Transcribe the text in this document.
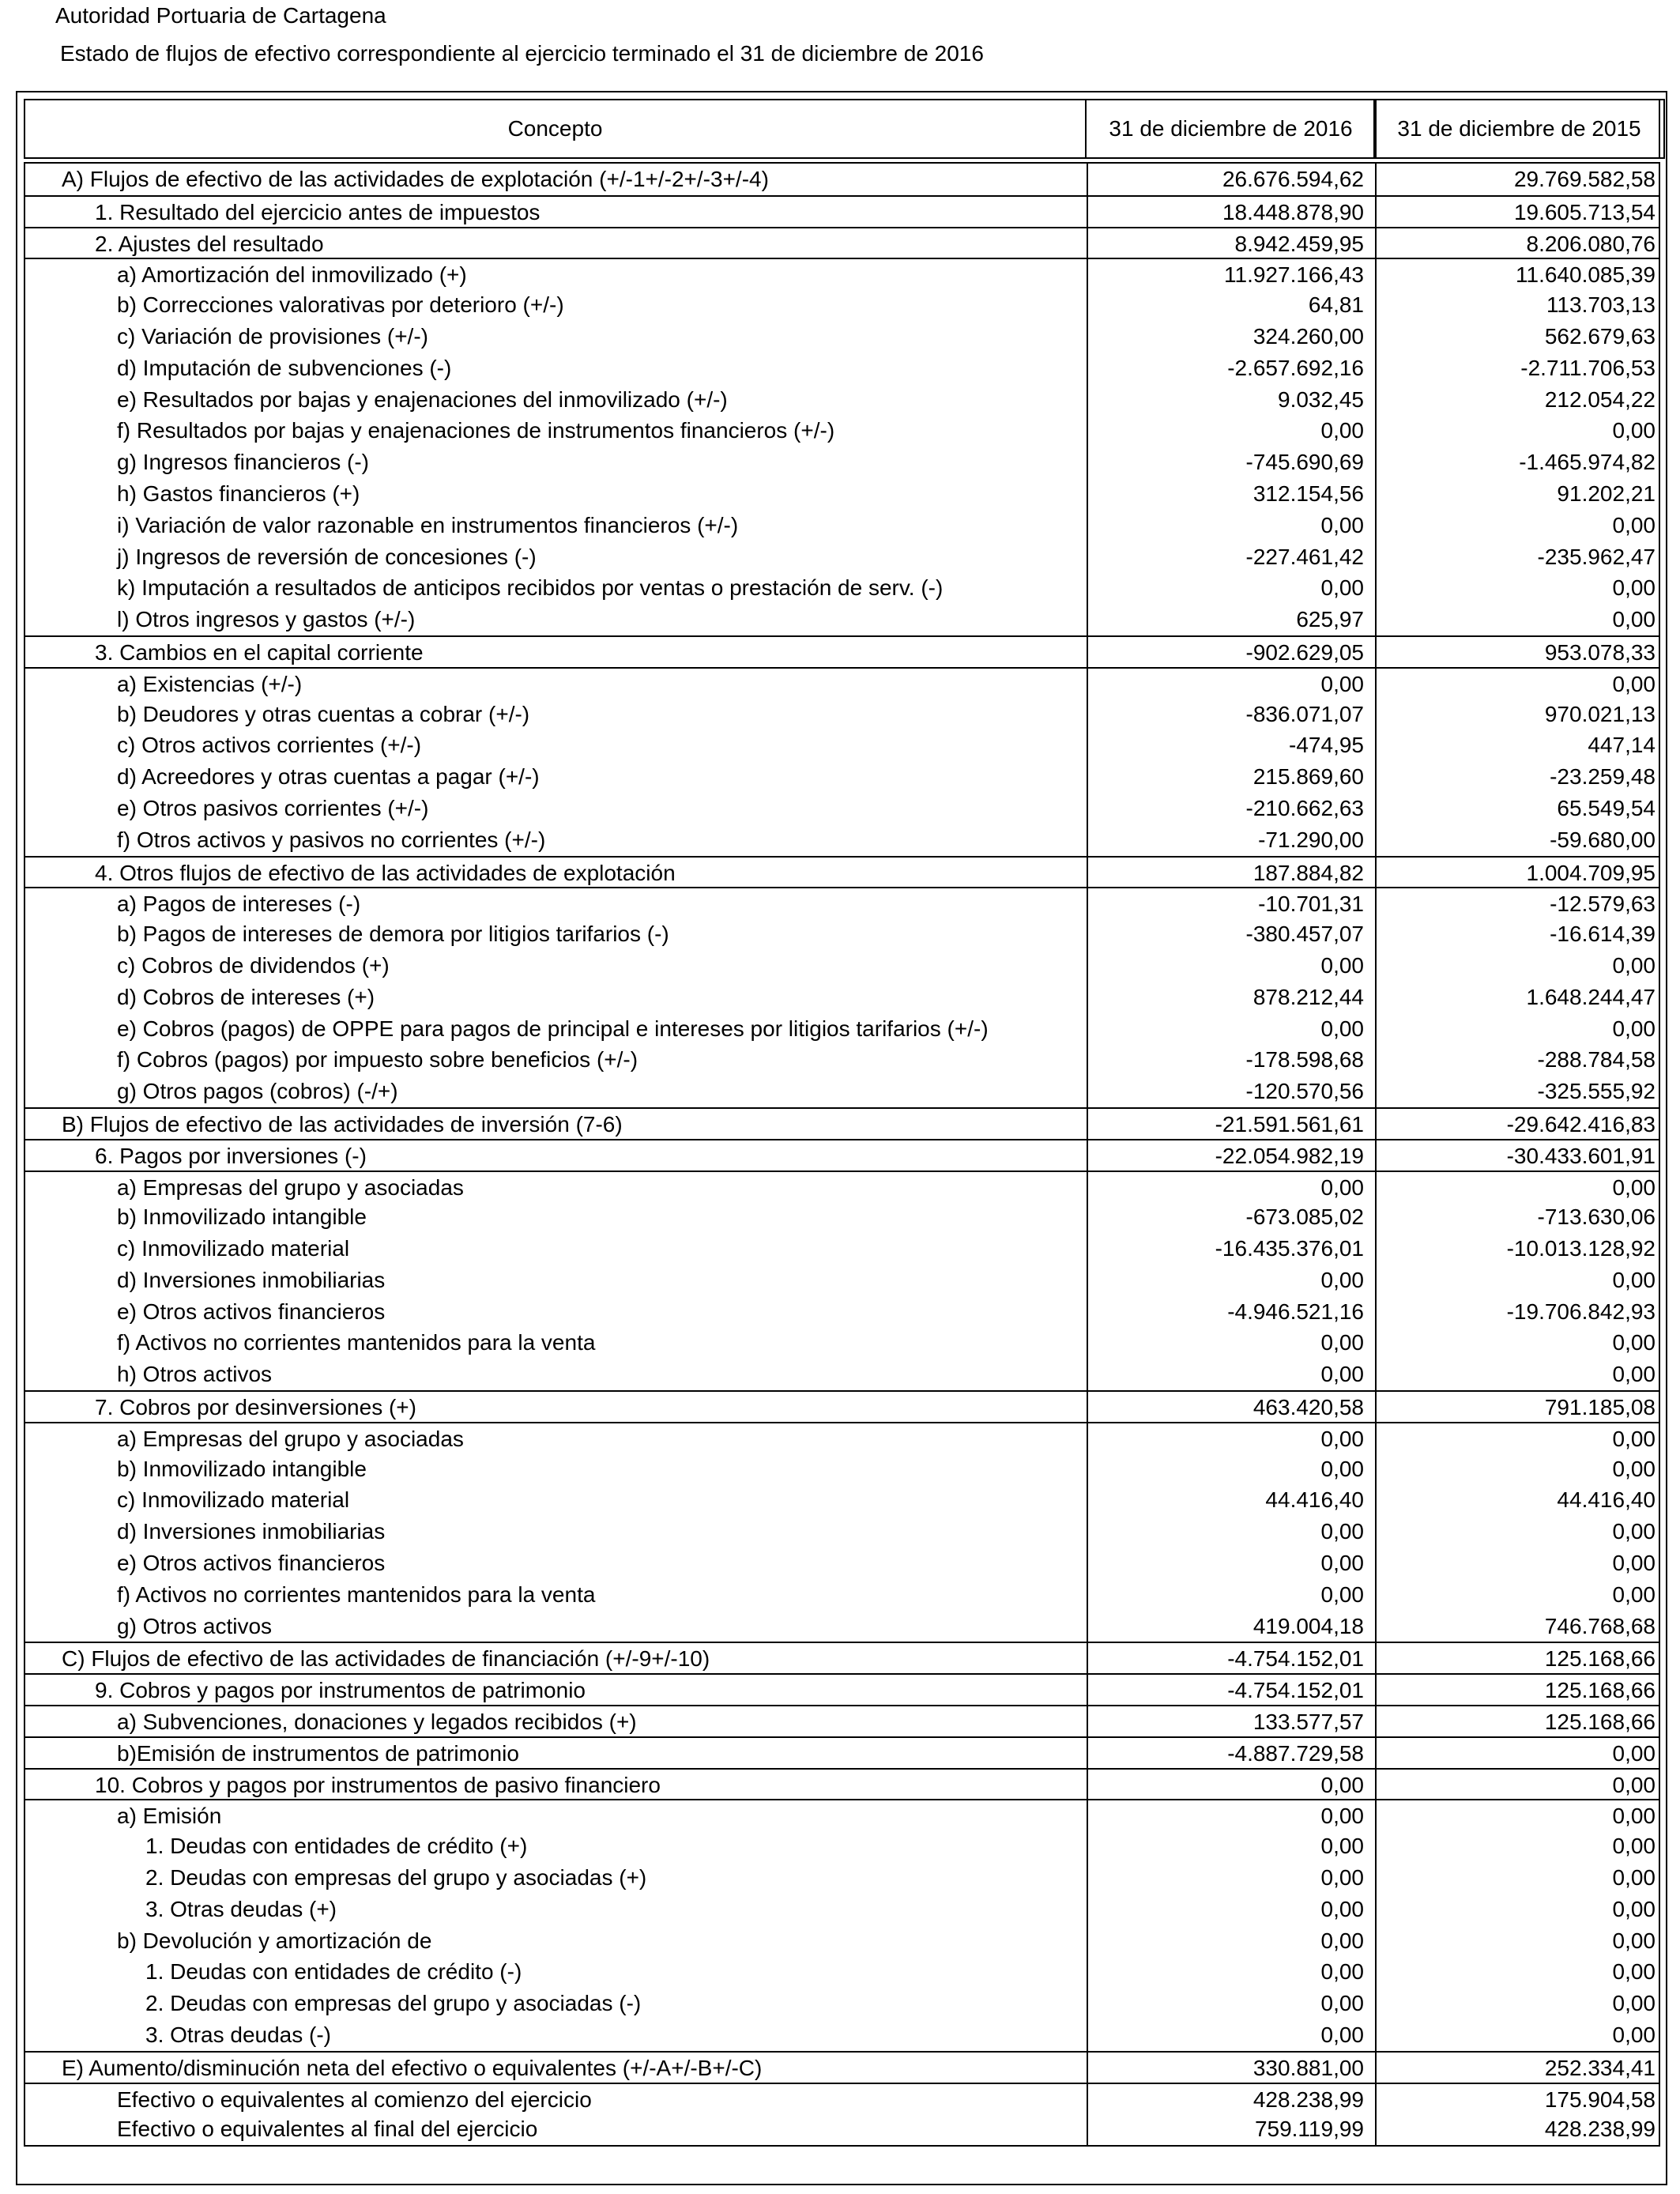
Autoridad Portuaria de Cartagena
Estado de flujos de efectivo correspondiente al ejercicio terminado el 31 de diciembre de 2016
Concepto	31 de diciembre de 2016	31 de diciembre de 2015
A) Flujos de efectivo de las actividades de explotación (+/-1+/-2+/-3+/-4)	26.676.594,62	29.769.582,58
1. Resultado del ejercicio antes de impuestos	18.448.878,90	19.605.713,54
2. Ajustes del resultado	8.942.459,95	8.206.080,76
a) Amortización del inmovilizado (+)	11.927.166,43	11.640.085,39
b) Correcciones valorativas por deterioro (+/-)	64,81	113.703,13
c) Variación de provisiones (+/-)	324.260,00	562.679,63
d) Imputación de subvenciones (-)	-2.657.692,16	-2.711.706,53
e) Resultados por bajas y enajenaciones del inmovilizado (+/-)	9.032,45	212.054,22
f) Resultados por bajas y enajenaciones de instrumentos financieros (+/-)	0,00	0,00
g) Ingresos financieros (-)	-745.690,69	-1.465.974,82
h) Gastos financieros (+)	312.154,56	91.202,21
i) Variación de valor razonable en instrumentos financieros (+/-)	0,00	0,00
j) Ingresos de reversión de concesiones (-)	-227.461,42	-235.962,47
k) Imputación a resultados de anticipos recibidos por ventas o prestación de serv. (-)	0,00	0,00
l) Otros ingresos y gastos (+/-)	625,97	0,00
3. Cambios en el capital corriente	-902.629,05	953.078,33
a) Existencias (+/-)	0,00	0,00
b) Deudores y otras cuentas a cobrar (+/-)	-836.071,07	970.021,13
c) Otros activos corrientes (+/-)	-474,95	447,14
d) Acreedores y otras cuentas a pagar (+/-)	215.869,60	-23.259,48
e) Otros pasivos corrientes (+/-)	-210.662,63	65.549,54
f) Otros activos y pasivos no corrientes (+/-)	-71.290,00	-59.680,00
4. Otros flujos de efectivo de las actividades de explotación	187.884,82	1.004.709,95
a) Pagos de intereses (-)	-10.701,31	-12.579,63
b) Pagos de intereses de demora por litigios tarifarios (-)	-380.457,07	-16.614,39
c) Cobros de dividendos (+)	0,00	0,00
d) Cobros de intereses (+)	878.212,44	1.648.244,47
e) Cobros (pagos) de OPPE para pagos de principal e intereses por litigios tarifarios (+/-)	0,00	0,00
f) Cobros (pagos) por impuesto sobre beneficios (+/-)	-178.598,68	-288.784,58
g) Otros pagos (cobros) (-/+)	-120.570,56	-325.555,92
B) Flujos de efectivo de las actividades de inversión (7-6)	-21.591.561,61	-29.642.416,83
6. Pagos por inversiones (-)	-22.054.982,19	-30.433.601,91
a) Empresas del grupo y asociadas	0,00	0,00
b) Inmovilizado intangible	-673.085,02	-713.630,06
c) Inmovilizado material	-16.435.376,01	-10.013.128,92
d) Inversiones inmobiliarias	0,00	0,00
e) Otros activos financieros	-4.946.521,16	-19.706.842,93
f) Activos no corrientes mantenidos para la venta	0,00	0,00
h) Otros activos	0,00	0,00
7. Cobros por desinversiones (+)	463.420,58	791.185,08
a) Empresas del grupo y asociadas	0,00	0,00
b) Inmovilizado intangible	0,00	0,00
c) Inmovilizado material	44.416,40	44.416,40
d) Inversiones inmobiliarias	0,00	0,00
e) Otros activos financieros	0,00	0,00
f) Activos no corrientes mantenidos para la venta	0,00	0,00
g) Otros activos	419.004,18	746.768,68
C) Flujos de efectivo de las actividades de financiación (+/-9+/-10)	-4.754.152,01	125.168,66
9. Cobros y pagos por instrumentos de patrimonio	-4.754.152,01	125.168,66
a) Subvenciones, donaciones y legados recibidos (+)	133.577,57	125.168,66
b)Emisión de instrumentos de patrimonio	-4.887.729,58	0,00
10. Cobros y pagos por instrumentos de pasivo financiero	0,00	0,00
a) Emisión	0,00	0,00
1. Deudas con entidades de crédito (+)	0,00	0,00
2. Deudas con empresas del grupo y asociadas (+)	0,00	0,00
3. Otras deudas (+)	0,00	0,00
b) Devolución y amortización de	0,00	0,00
1. Deudas con entidades de crédito (-)	0,00	0,00
2. Deudas con empresas del grupo y asociadas (-)	0,00	0,00
3. Otras deudas (-)	0,00	0,00
E) Aumento/disminución neta del efectivo o equivalentes (+/-A+/-B+/-C)	330.881,00	252.334,41
Efectivo o equivalentes al comienzo del ejercicio	428.238,99	175.904,58
Efectivo o equivalentes al final del ejercicio	759.119,99	428.238,99
